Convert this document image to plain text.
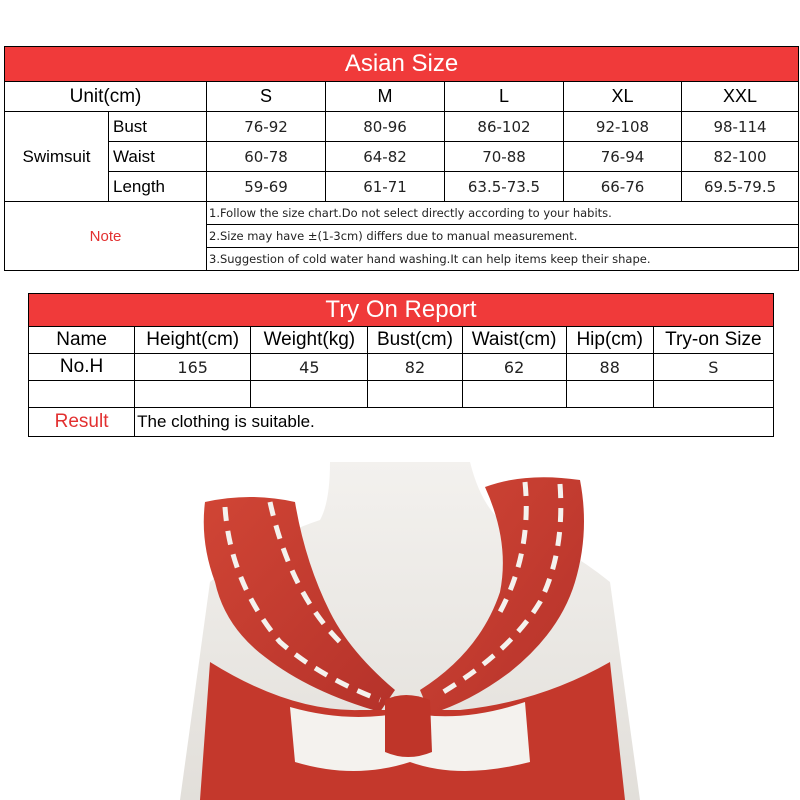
Asian Size						
Unit(cm)		S	M	L	XL	XXL
Swimsuit	Bust	76-92	80-96	86-102	92-108	98-114
	Waist	60-78	64-82	70-88	76-94	82-100
	Length	59-69	61-71	63.5-73.5	66-76	69.5-79.5
Note		1.Follow the size chart.Do not select directly according to your habits.				
		2.Size may have ±(1-3cm) differs due to manual measurement.				
		3.Suggestion of cold water hand washing.It can help items keep their shape.				
Try On Report						
Name	Height(cm)	Weight(kg)	Bust(cm)	Waist(cm)	Hip(cm)	Try-on Size
No.H	165	45	82	62	88	S

Result	The clothing is suitable.					
